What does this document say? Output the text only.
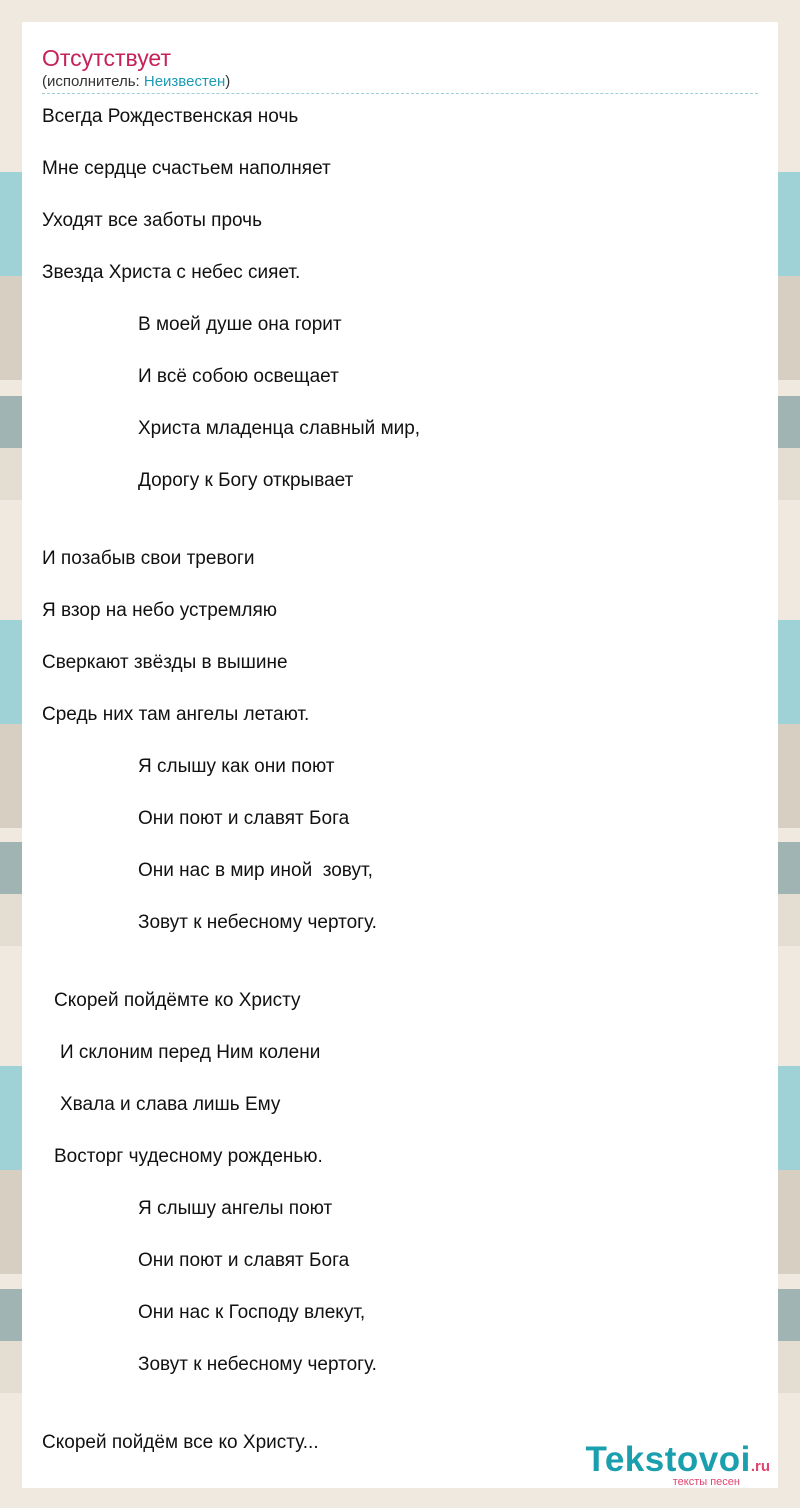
Отсутствует
(исполнитель: Неизвестен)
Всегда Рождественская ночь
Мне сердце счастьем наполняет
Уходят все заботы прочь
Звезда Христа с небес сияет.
В моей душе она горит
И всё собою освещает
Христа младенца славный мир,
Дорогу к Богу открывает
И позабыв свои тревоги
Я взор на небо устремляю
Сверкают звёзды в вышине
Средь них там ангелы летают.
Я слышу как они поют
Они поют и славят Бога
Они нас в мир иной  зовут,
Зовут к небесному чертогу.
Скорей пойдёмте ко Христу
И склоним перед Ним колени
Хвала и слава лишь Ему
Восторг чудесному рожденью.
Я слышу ангелы поют
Они поют и славят Бога
Они нас к Господу влекут,
Зовут к небесному чертогу.
Скорей пойдём все ко Христу...	Tekstovoi.ru
тексты песен
